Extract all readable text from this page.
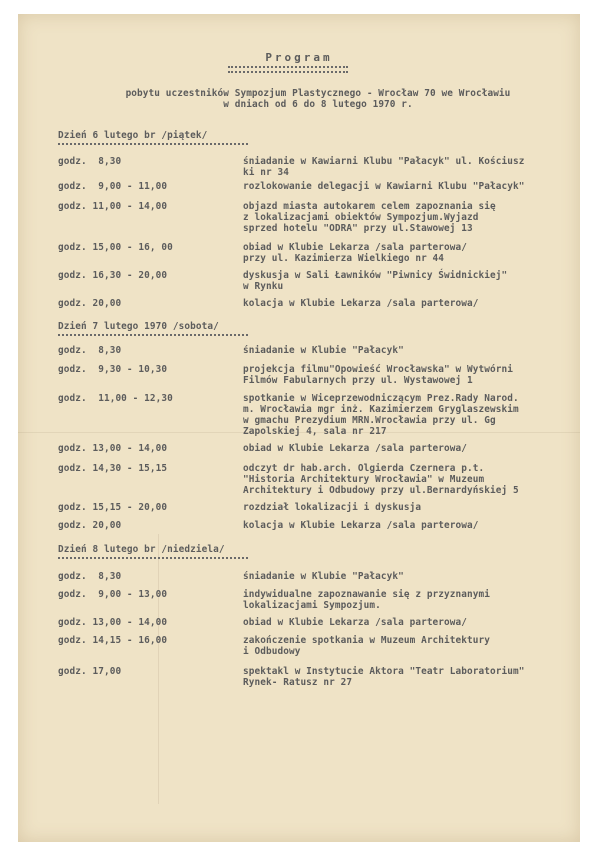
Program
pobytu uczestników Sympozjum Plastycznego - Wrocław 70 we Wrocławiu
w dniach od 6 do 8 lutego 1970 r.
Dzień 6 lutego br /piątek/
godz.  8,30	śniadanie w Kawiarni Klubu "Pałacyk" ul. Kościusz
ki nr 34
godz.  9,00 - 11,00	rozlokowanie delegacji w Kawiarni Klubu "Pałacyk"
godz. 11,00 - 14,00	objazd miasta autokarem celem zapoznania się
z lokalizacjami obiektów Sympozjum.Wyjazd
sprzed hotelu "ODRA" przy ul.Stawowej 13
godz. 15,00 - 16, 00	obiad w Klubie Lekarza /sala parterowa/
przy ul. Kazimierza Wielkiego nr 44
godz. 16,30 - 20,00	dyskusja w Sali Ławników "Piwnicy Świdnickiej"
w Rynku
godz. 20,00	kolacja w Klubie Lekarza /sala parterowa/
Dzień 7 lutego 1970 /sobota/
godz.  8,30	śniadanie w Klubie "Pałacyk"
godz.  9,30 - 10,30	projekcja filmu"Opowieść Wrocławska" w Wytwórni
Filmów Fabularnych przy ul. Wystawowej 1
godz.  11,00 - 12,30	spotkanie w Wiceprzewodniczącym Prez.Rady Narod.
m. Wrocławia mgr inż. Kazimierzem Gryglaszewskim
w gmachu Prezydium MRN.Wrocławia przy ul. Gg
Zapolskiej 4, sala nr 217
godz. 13,00 - 14,00	obiad w Klubie Lekarza /sala parterowa/
godz. 14,30 - 15,15	odczyt dr hab.arch. Olgierda Czernera p.t.
"Historia Architektury Wrocławia" w Muzeum
Architektury i Odbudowy przy ul.Bernardyńskiej 5
godz. 15,15 - 20,00	rozdział lokalizacji i dyskusja
godz. 20,00	kolacja w Klubie Lekarza /sala parterowa/
Dzień 8 lutego br /niedziela/
godz.  8,30	śniadanie w Klubie "Pałacyk"
godz.  9,00 - 13,00	indywidualne zapoznawanie się z przyznanymi
lokalizacjami Sympozjum.
godz. 13,00 - 14,00	obiad w Klubie Lekarza /sala parterowa/
godz. 14,15 - 16,00	zakończenie spotkania w Muzeum Architektury
i Odbudowy
godz. 17,00	spektakl w Instytucie Aktora "Teatr Laboratorium"
Rynek- Ratusz nr 27
